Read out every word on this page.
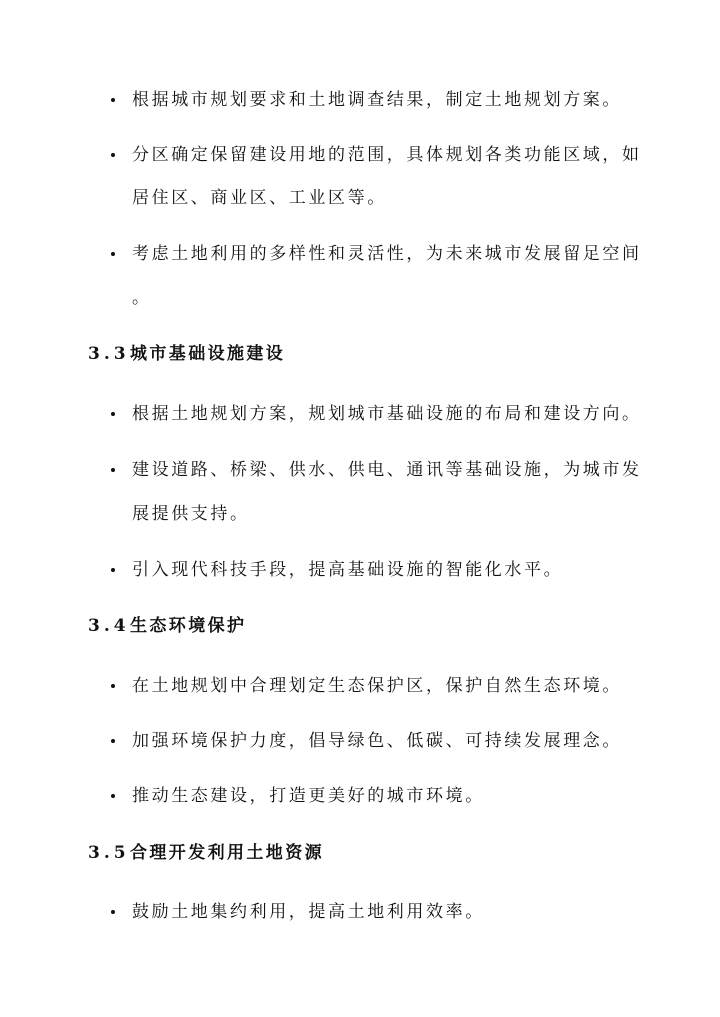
根据城市规划要求和土地调查结果，制定土地规划方案。
分区确定保留建设用地的范围，具体规划各类功能区域，如
居住区、商业区、工业区等。
考虑土地利用的多样性和灵活性，为未来城市发展留足空间
。
3.3城市基础设施建设
根据土地规划方案，规划城市基础设施的布局和建设方向。
建设道路、桥梁、供水、供电、通讯等基础设施，为城市发
展提供支持。
引入现代科技手段，提高基础设施的智能化水平。
3.4生态环境保护
在土地规划中合理划定生态保护区，保护自然生态环境。
加强环境保护力度，倡导绿色、低碳、可持续发展理念。
推动生态建设，打造更美好的城市环境。
3.5合理开发利用土地资源
鼓励土地集约利用，提高土地利用效率。
